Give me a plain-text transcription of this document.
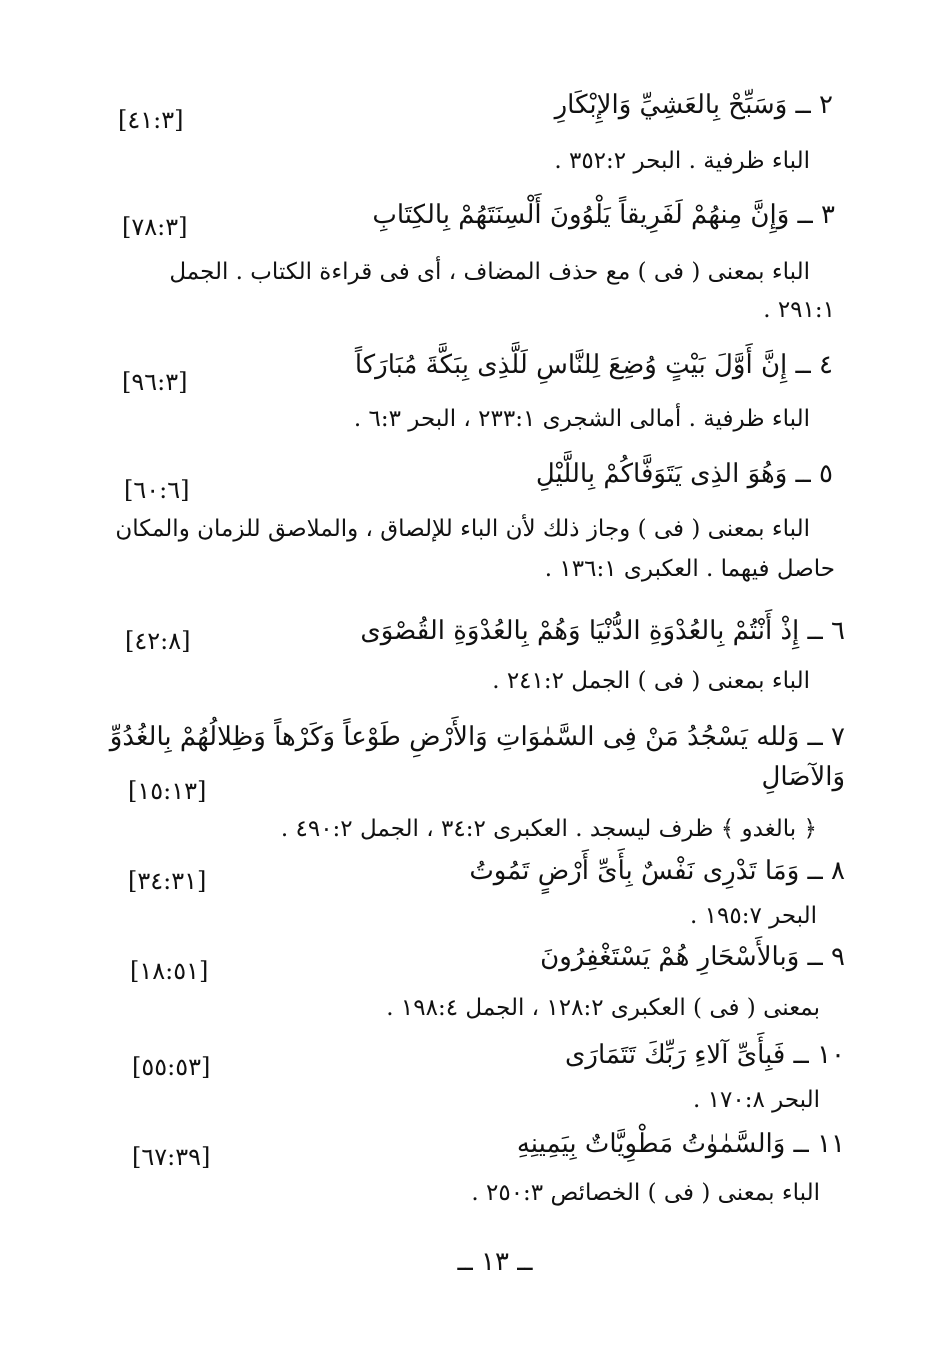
٢ ــ وَسَبِّحْ بِالعَشِيِّ وَالإِبْكَارِ
[٤١:٣]
الباء ظرفية . البحر ٣٥٢:٢ .
٣ ــ وَإِنَّ مِنهُمْ لَفَرِيقاً يَلْوُونَ أَلْسِنَتَهُمْ بِالكِتَابِ
[٧٨:٣]
الباء بمعنى ( فى ) مع حذف المضاف ، أى فى قراءة الكتاب . الجمل
٢٩١:١ .
٤ ــ إِنَّ أَوَّلَ بَيْتٍ وُضِعَ لِلنَّاسِ لَلَّذِى بِبَكَّةَ مُبَارَكاً
[٩٦:٣]
الباء ظرفية . أمالى الشجرى ٢٣٣:١ ، البحر ٦:٣ .
٥ ــ وَهُوَ الذِى يَتَوَفَّاكُمْ بِاللَّيْلِ
[٦٠:٦]
الباء بمعنى ( فى ) وجاز ذلك لأن الباء للإلصاق ، والملاصق للزمان والمكان
حاصل فيهما . العكبرى ١٣٦:١ .
٦ ــ إِذْ أَنْتُمْ بِالعُدْوَةِ الدُّنْيَا وَهُمْ بِالعُدْوَةِ القُصْوَى
[٤٢:٨]
الباء بمعنى ( فى ) الجمل ٢٤١:٢ .
٧ ــ وَلله يَسْجُدُ مَنْ فِى السَّمٰوَاتِ وَالأَرْضِ طَوْعاً وَكَرْهاً وَظِلالُهُمْ بِالغُدُوِّ
وَالآصَالِ
[١٥:١٣]
﴿ بالغدو ﴾ ظرف ليسجد . العكبرى ٣٤:٢ ، الجمل ٤٩٠:٢ .
٨ ــ وَمَا تَدْرِى نَفْسٌ بِأَىِّ أَرْضٍ تَمُوتُ
[٣٤:٣١]
البحر ١٩٥:٧ .
٩ ــ وَبالأَسْحَارِ هُمْ يَسْتَغْفِرُونَ
[١٨:٥١]
بمعنى ( فى ) العكبرى ١٢٨:٢ ، الجمل ١٩٨:٤ .
١٠ ــ فَبِأَىِّ آلاءِ رَبِّكَ تَتَمَارَى
[٥٥:٥٣]
البحر ١٧٠:٨ .
١١ ــ وَالسَّمٰوٰتُ مَطْوِيَّاتٌ بِيَمِينِهِ
[٦٧:٣٩]
الباء بمعنى ( فى ) الخصائص ٢٥٠:٣ .
ــ ١٣ ــ
